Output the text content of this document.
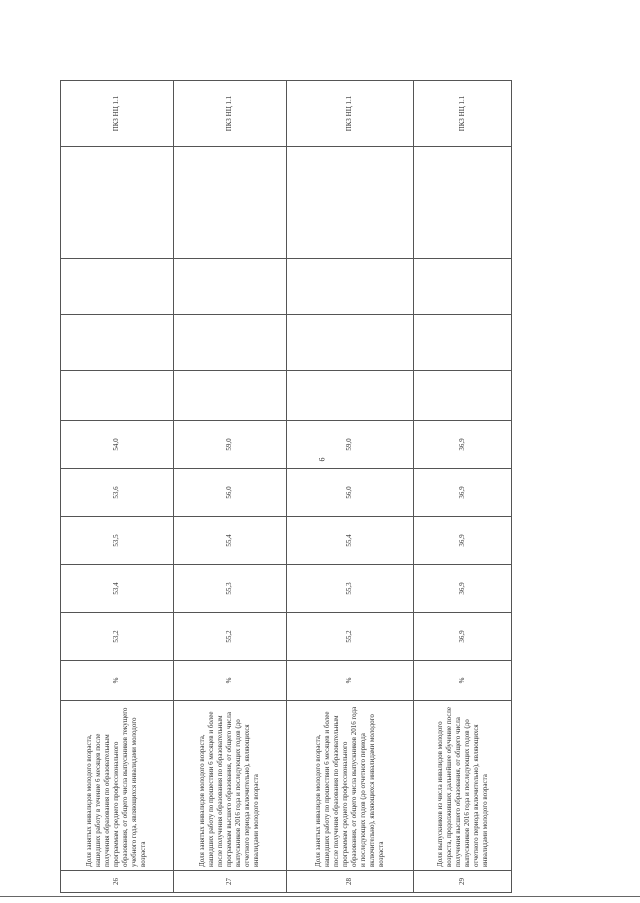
6
26	Доля занятых инвалидов молодого возраста, нашедших работу в течение 6 месяцев после получения образования по образовательным программам среднего профессионального образования, от общего числа выпускников текущего учебного года, являющихся инвалидами молодого возраста	%	53,2	53,4	53,5	53,6	54,0					ПКЗ НЦ 1.1
27	Доля занятых инвалидов молодого возраста, нашедших работу по прошествии 6 месяцев и более после получения образования по образовательным программам высшего образования, от общего числа выпускников 2016 года и последующих годов (до отчетного периода включительно), являющихся инвалидами молодого возраста	%	55,2	55,3	55,4	56,0	59,0					ПКЗ НЦ 1.1
28	Доля занятых инвалидов молодого возраста, нашедших работу по прошествии 6 месяцев и более после получения образования по образовательным программам среднего профессионального образования, от общего числа выпускников 2016 года и последующих годов (до отчетного периода включительно), являющихся инвалидами молодого возраста	%	55,2	55,3	55,4	56,0	59,0					ПКЗ НЦ 1.1
29	Доля выпускников из числа инвалидов молодого возраста, продолживших дальнейшее обучение после получения высшего образования, от общего числа выпускников 2016 года и последующих годов (до отчетного периода включительно), являющихся инвалидами молодого возраста	%	36,9	36,9	36,9	36,9	36,9					ПКЗ НЦ 1.1
